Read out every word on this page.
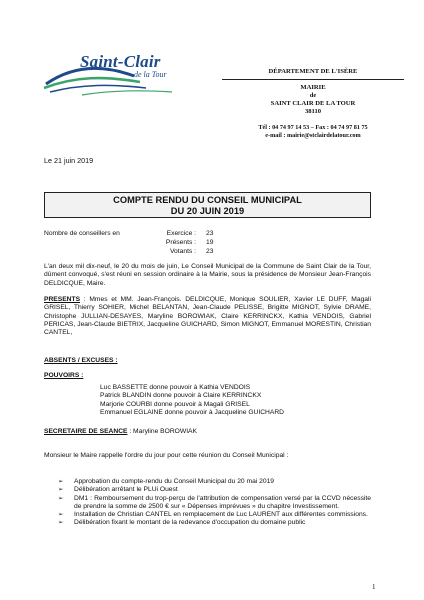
Saint-Clair
de la Tour	DÉPARTEMENT DE L'ISÈRE
MAIRIE
de
SAINT CLAIR DE LA TOUR
38110
Tél : 04 74 97 14 53 – Fax : 04 74 97 81 75
e-mail : mairie@stclairdelatour.com
Le 21 juin 2019
COMPTE RENDU DU CONSEIL MUNICIPAL
DU 20 JUIN 2019
Nombre de conseillers en	Exercice : 23
Présents : 19
Votants : 23
L'an deux mil dix-neuf, le 20 du mois de juin, Le Conseil Municipal de la Commune de Saint Clair de la Tour, dûment convoqué, s'est réuni en session ordinaire à la Mairie, sous la présidence de Monsieur Jean-François DELDICQUE, Maire.
PRESENTS : Mmes et MM. Jean-François. DELDICQUE, Monique SOULIER, Xavier LE DUFF, Magali GRISEL, Thierry SOHIER, Michel BELANTAN, Jean-Claude PELISSE, Brigitte MIGNOT, Sylvie DRAME, Christophe JULLIAN-DESAYES, Maryline BOROWIAK, Claire KERRINCKX, Kathia VENDOIS, Gabriel PERICAS, Jean-Claude BIETRIX, Jacqueline GUICHARD, Simon MIGNOT, Emmanuel MORESTIN, Christian CANTEL,
ABSENTS / EXCUSES :
POUVOIRS :
Luc BASSETTE donne pouvoir à Kathia VENDOIS
Patrick BLANDIN donne pouvoir à Claire KERRINCKX
Marjorie COURBI donne pouvoir à Magali GRISEL
Emmanuel EGLAINE donne pouvoir à Jacqueline GUICHARD
SECRETAIRE DE SEANCE : Maryline BOROWIAK
Monsieur le Maire rappelle l'ordre du jour pour cette réunion du Conseil Municipal :
➢ Approbation du compte-rendu du Conseil Municipal du 20 mai 2019
➢ Délibération arrêtant le PLUi Ouest
➢ DM1 : Remboursement du trop-perçu de l'attribution de compensation versé par la CCVD nécessite de prendre la somme de 2500 € sur « Dépenses imprévues » du chapitre Investissement.
➢ Installation de Christian CANTEL en remplacement de Luc LAURENT aux différentes commissions.
➢ Délibération fixant le montant de la redevance d'occupation du domaine public
1
